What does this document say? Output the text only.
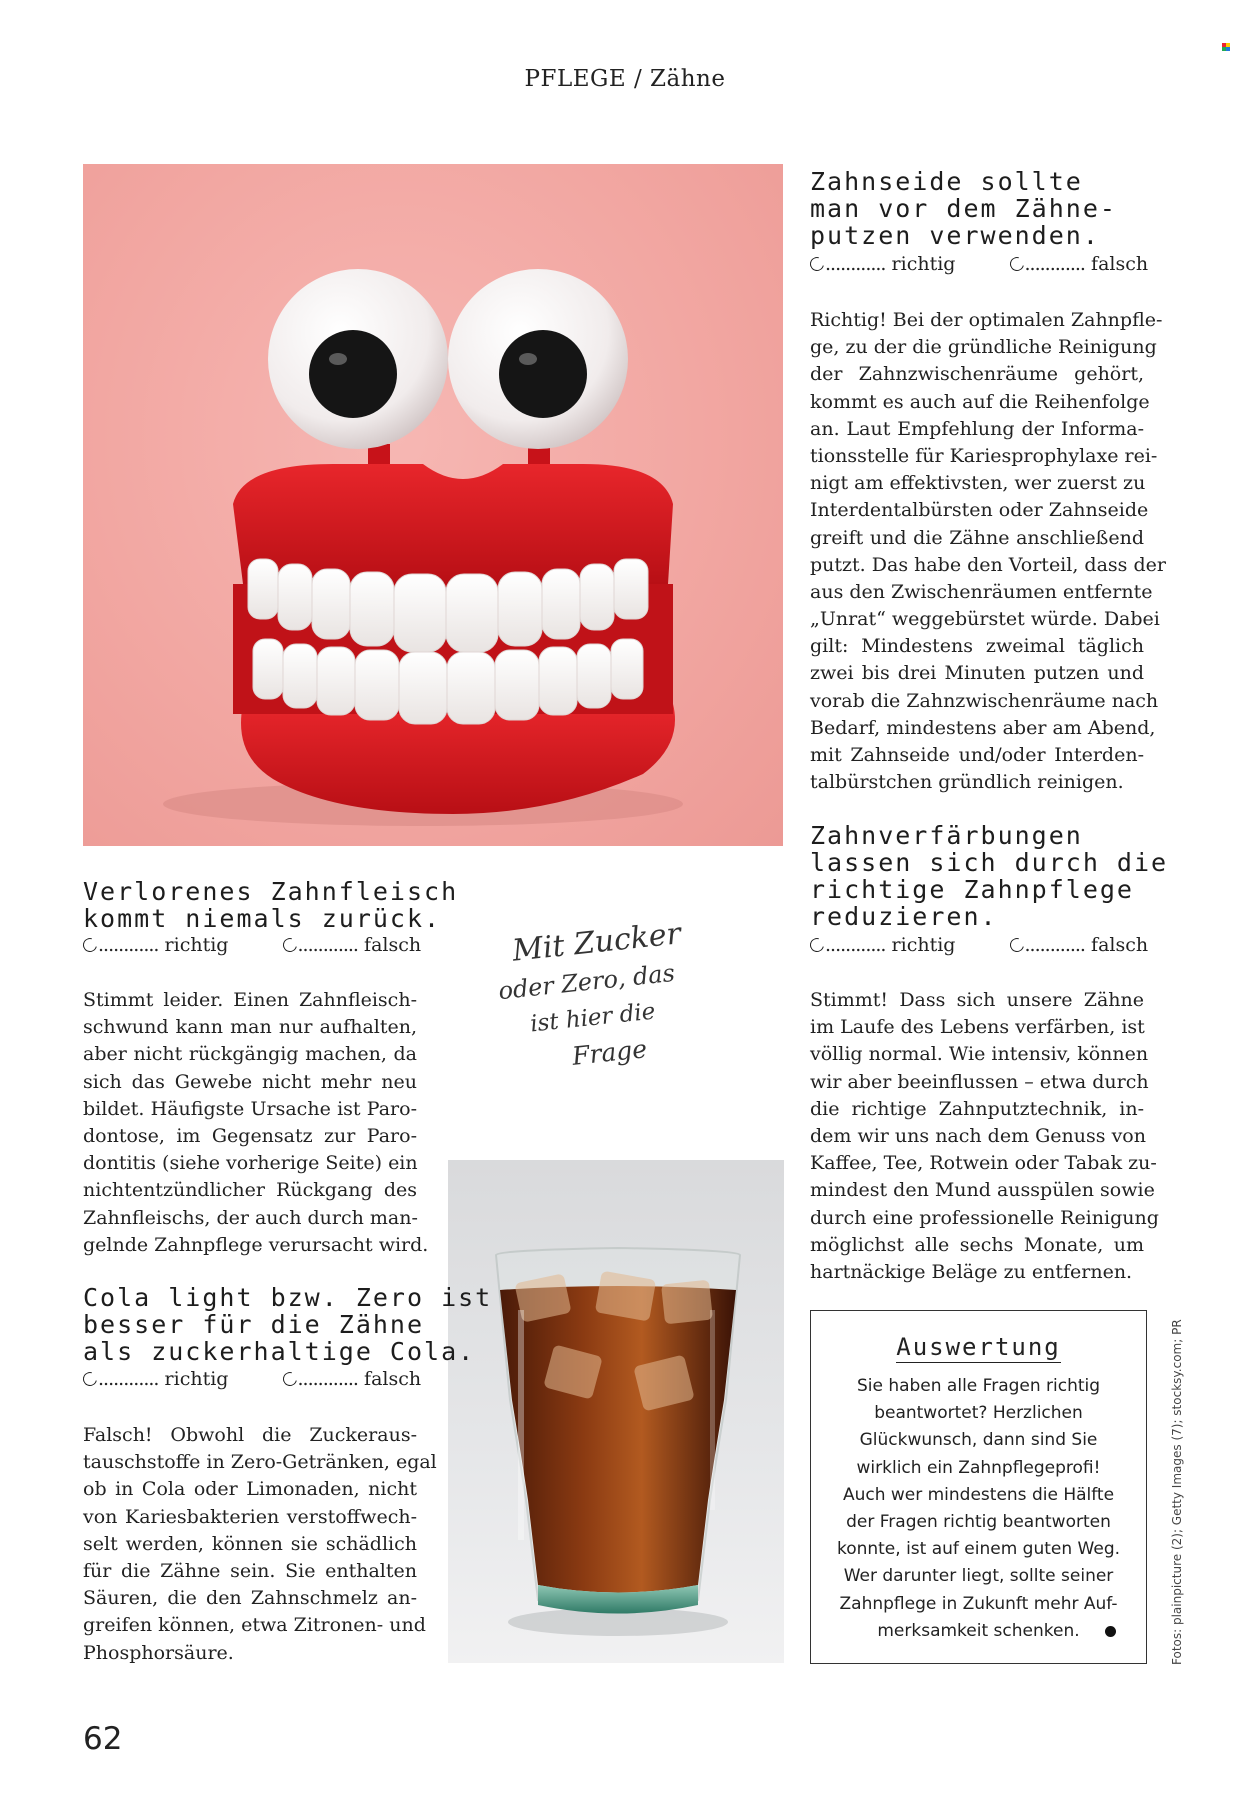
PFLEGE / Zähne
Zahnseide sollte
man vor dem Zähne-
putzen verwenden.
............ richtig	............ falsch
Richtig! Bei der optimalen Zahnpfle-
ge, zu der die gründliche Reinigung
der Zahnzwischenräume gehört,
kommt es auch auf die Reihenfolge
an. Laut Empfehlung der Informa-
tionsstelle für Kariesprophylaxe rei-
nigt am effektivsten, wer zuerst zu
Interdentalbürsten oder Zahnseide
greift und die Zähne anschließend
putzt. Das habe den Vorteil, dass der
aus den Zwischenräumen entfernte
„Unrat“ weggebürstet würde. Dabei
gilt: Mindestens zweimal täglich
zwei bis drei Minuten putzen und
vorab die Zahnzwischenräume nach
Bedarf, mindestens aber am Abend,
mit Zahnseide und/oder Interden-
talbürstchen gründlich reinigen.
Zahnverfärbungen
lassen sich durch die
richtige Zahnpflege
reduzieren.
............ richtig	............ falsch
Stimmt! Dass sich unsere Zähne
im Laufe des Lebens verfärben, ist
völlig normal. Wie intensiv, können
wir aber beeinflussen – etwa durch
die richtige Zahnputztechnik, in-
dem wir uns nach dem Genuss von
Kaffee, Tee, Rotwein oder Tabak zu-
mindest den Mund ausspülen sowie
durch eine professionelle Reinigung
möglichst alle sechs Monate, um
hartnäckige Beläge zu entfernen.
Verlorenes Zahnfleisch
kommt niemals zurück.
............ richtig	............ falsch
Stimmt leider. Einen Zahnfleisch-
schwund kann man nur aufhalten,
aber nicht rückgängig machen, da
sich das Gewebe nicht mehr neu
bildet. Häufigste Ursache ist Paro-
dontose, im Gegensatz zur Paro-
dontitis (siehe vorherige Seite) ein
nichtentzündlicher Rückgang des
Zahnfleischs, der auch durch man-
gelnde Zahnpflege verursacht wird.
Cola light bzw. Zero ist
besser für die Zähne
als zuckerhaltige Cola.
............ richtig	............ falsch
Falsch! Obwohl die Zuckeraus-
tauschstoffe in Zero-Getränken, egal
ob in Cola oder Limonaden, nicht
von Kariesbakterien verstoffwech-
selt werden, können sie schädlich
für die Zähne sein. Sie enthalten
Säuren, die den Zahnschmelz an-
greifen können, etwa Zitronen- und
Phosphorsäure.
Mit Zucker
oder Zero, das
ist hier die
Frage
Auswertung
Sie haben alle Fragen richtig
beantwortet? Herzlichen
Glückwunsch, dann sind Sie
wirklich ein Zahnpflegeprofi!
Auch wer mindestens die Hälfte
der Fragen richtig beantworten
konnte, ist auf einem guten Weg.
Wer darunter liegt, sollte seiner
Zahnpflege in Zukunft mehr Auf-
merksamkeit schenken.	Fotos: plainpicture (2); Getty Images (7); stocksy.com; PR
62
